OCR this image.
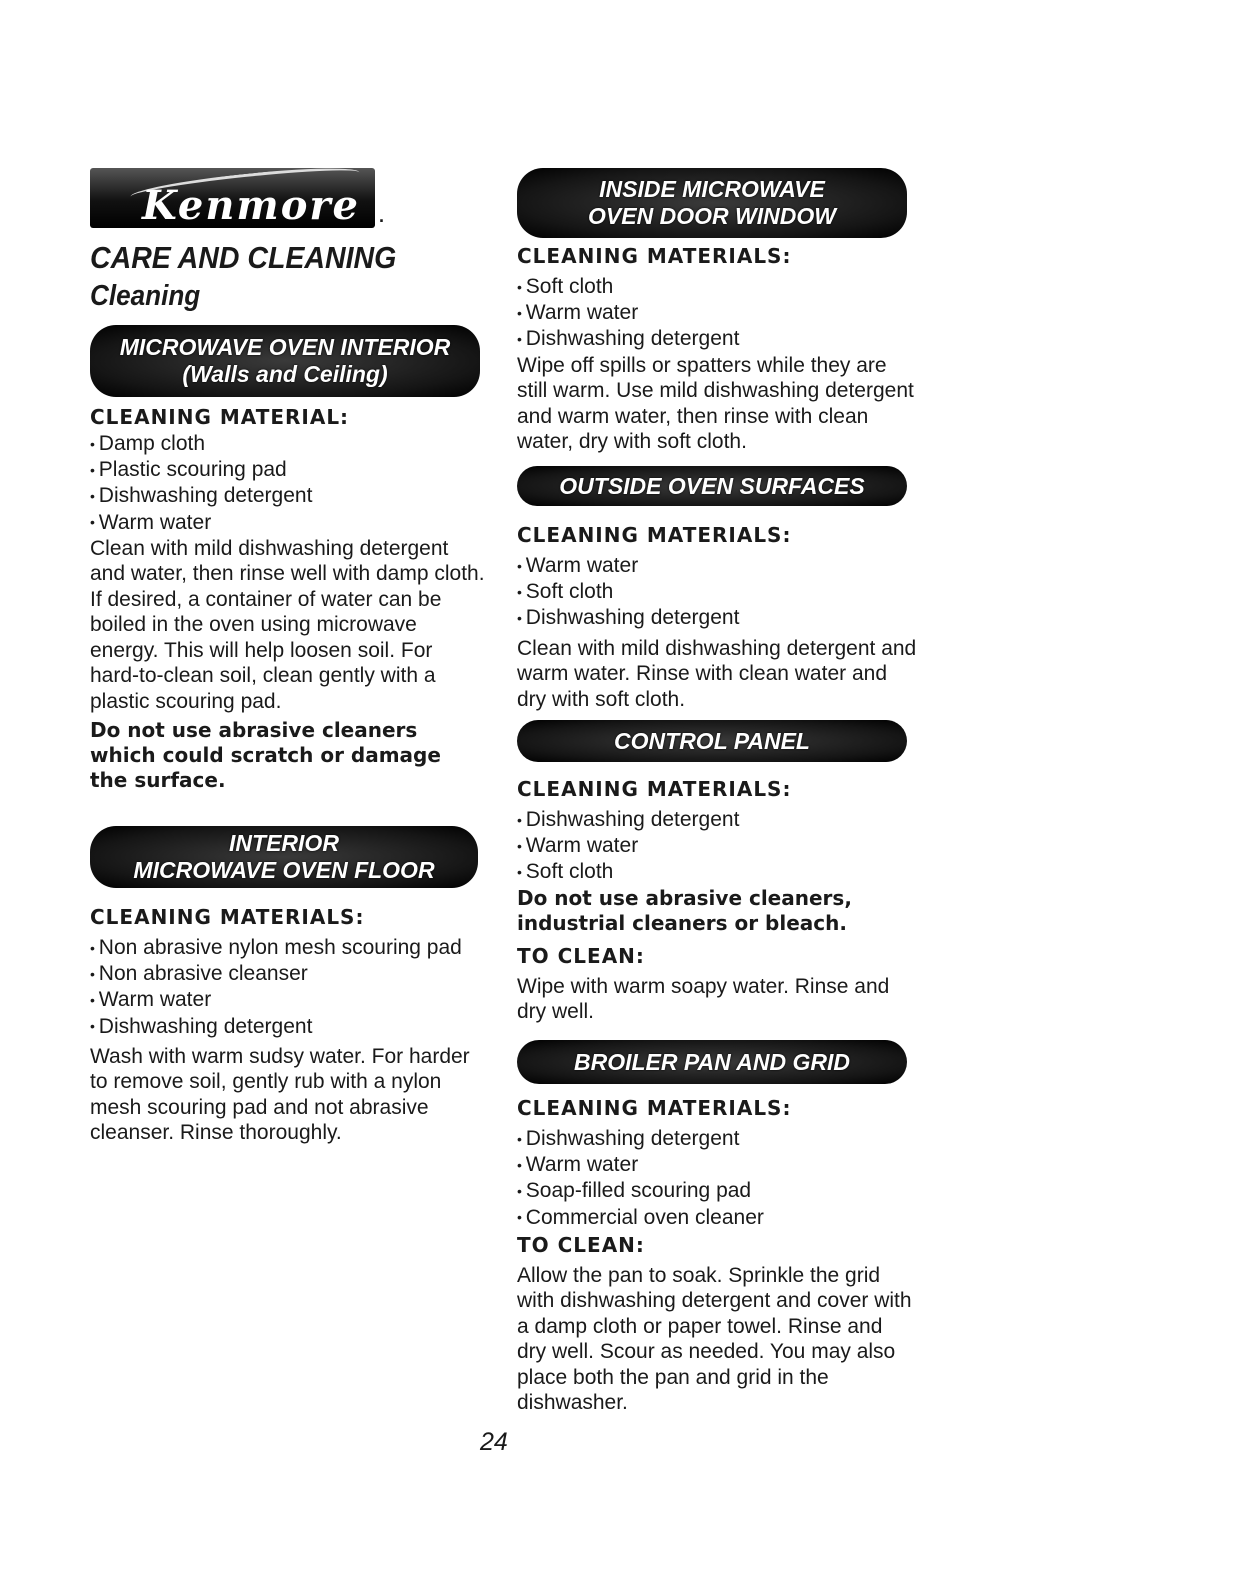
Kenmore .
CARE AND CLEANING
Cleaning
MICROWAVE OVEN INTERIOR
(Walls and Ceiling)
CLEANING MATERIAL:
• Damp cloth
• Plastic scouring pad
• Dishwashing detergent
• Warm water

Clean with mild dishwashing detergent and water, then rinse well with damp cloth. If desired, a container of water can be boiled in the oven using microwave energy. This will help loosen soil. For hard-to-clean soil, clean gently with a plastic scouring pad.

Do not use abrasive cleaners which could scratch or damage the surface.

INTERIOR
MICROWAVE OVEN FLOOR
CLEANING MATERIALS:
• Non abrasive nylon mesh scouring pad
• Non abrasive cleanser
• Warm water
• Dishwashing detergent

Wash with warm sudsy water. For harder to remove soil, gently rub with a nylon mesh scouring pad and not abrasive cleanser. Rinse thoroughly.

INSIDE MICROWAVE
OVEN DOOR WINDOW
CLEANING MATERIALS:
• Soft cloth
• Warm water
• Dishwashing detergent

Wipe off spills or spatters while they are still warm. Use mild dishwashing detergent and warm water, then rinse with clean water, dry with soft cloth.

OUTSIDE OVEN SURFACES
CLEANING MATERIALS:
• Warm water
• Soft cloth
• Dishwashing detergent

Clean with mild dishwashing detergent and warm water. Rinse with clean water and dry with soft cloth.

CONTROL PANEL
CLEANING MATERIALS:
• Dishwashing detergent
• Warm water
• Soft cloth

Do not use abrasive cleaners, industrial cleaners or bleach.

TO CLEAN:

Wipe with warm soapy water. Rinse and dry well.

BROILER PAN AND GRID
CLEANING MATERIALS:
• Dishwashing detergent
• Warm water
• Soap-filled scouring pad
• Commercial oven cleaner
TO CLEAN:

Allow the pan to soak. Sprinkle the grid with dishwashing detergent and cover with a damp cloth or paper towel. Rinse and dry well. Scour as needed. You may also place both the pan and grid in the dishwasher.

24
